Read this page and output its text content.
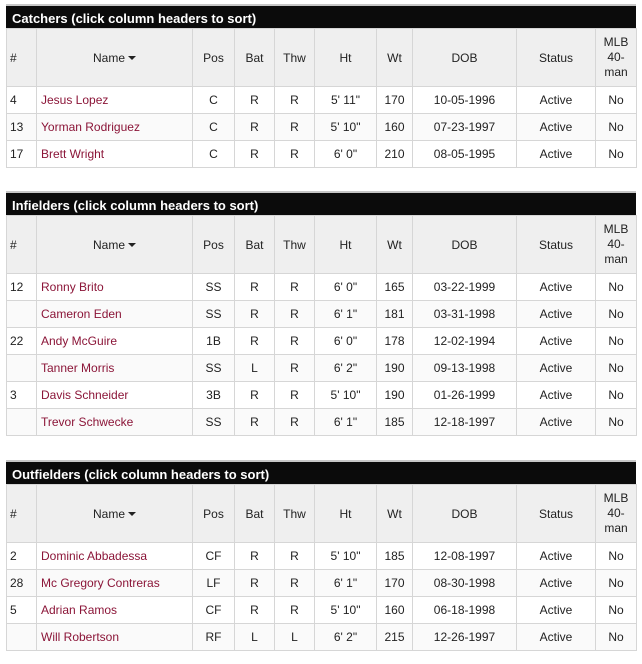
Catchers (click column headers to sort)
#	Name	Pos	Bat	Thw	Ht	Wt	DOB	Status	MLB
40-
man

4	Jesus Lopez	C	R	R	5' 11"	170	10-05-1996	Active	No
13	Yorman Rodriguez	C	R	R	5' 10"	160	07-23-1997	Active	No
17	Brett Wright	C	R	R	6' 0"	210	08-05-1995	Active	No
Infielders (click column headers to sort)
#	Name	Pos	Bat	Thw	Ht	Wt	DOB	Status	MLB
40-
man

12	Ronny Brito	SS	R	R	6' 0"	165	03-22-1999	Active	No
	Cameron Eden	SS	R	R	6' 1"	181	03-31-1998	Active	No
22	Andy McGuire	1B	R	R	6' 0"	178	12-02-1994	Active	No
	Tanner Morris	SS	L	R	6' 2"	190	09-13-1998	Active	No
3	Davis Schneider	3B	R	R	5' 10"	190	01-26-1999	Active	No
	Trevor Schwecke	SS	R	R	6' 1"	185	12-18-1997	Active	No
Outfielders (click column headers to sort)
#	Name	Pos	Bat	Thw	Ht	Wt	DOB	Status	MLB
40-
man

2	Dominic Abbadessa	CF	R	R	5' 10"	185	12-08-1997	Active	No
28	Mc Gregory Contreras	LF	R	R	6' 1"	170	08-30-1998	Active	No
5	Adrian Ramos	CF	R	R	5' 10"	160	06-18-1998	Active	No
	Will Robertson	RF	L	L	6' 2"	215	12-26-1997	Active	No
